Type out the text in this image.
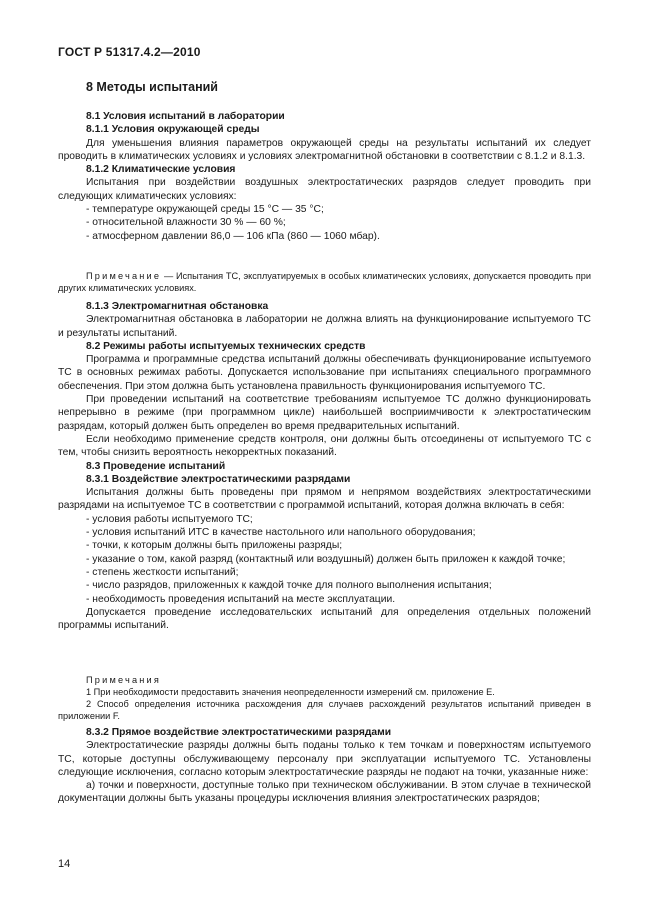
ГОСТ Р 51317.4.2—2010
8 Методы испытаний

8.1 Условия испытаний в лаборатории

8.1.1 Условия окружающей среды

Для уменьшения влияния параметров окружающей среды на результаты испытаний их следует проводить в климатических условиях и условиях электромагнитной обстановки в соответствии с 8.1.2 и 8.1.3.

8.1.2 Климатические условия

Испытания при воздействии воздушных электростатических разрядов следует проводить при следующих климатических условиях:

- температуре окружающей среды 15 °С — 35 °С;

- относительной влажности 30 % — 60 %;

- атмосферном давлении 86,0 — 106 кПа (860 — 1060 мбар).

Примечание — Испытания ТС, эксплуатируемых в особых климатических условиях, допускается проводить при других климатических условиях.

8.1.3 Электромагнитная обстановка

Электромагнитная обстановка в лаборатории не должна влиять на функционирование испытуемого ТС и результаты испытаний.

8.2 Режимы работы испытуемых технических средств

Программа и программные средства испытаний должны обеспечивать функционирование испытуемого ТС в основных режимах работы. Допускается использование при испытаниях специального программного обеспечения. При этом должна быть установлена правильность функционирования испытуемого ТС.

При проведении испытаний на соответствие требованиям испытуемое ТС должно функционировать непрерывно в режиме (при программном цикле) наибольшей восприимчивости к электростатическим разрядам, который должен быть определен во время предварительных испытаний.

Если необходимо применение средств контроля, они должны быть отсоединены от испытуемого ТС с тем, чтобы снизить вероятность некорректных показаний.

8.3 Проведение испытаний

8.3.1 Воздействие электростатическими разрядами

Испытания должны быть проведены при прямом и непрямом воздействиях электростатическими разрядами на испытуемое ТС в соответствии с программой испытаний, которая должна включать в себя:

- условия работы испытуемого ТС;

- условия испытаний ИТС в качестве настольного или напольного оборудования;

- точки, к которым должны быть приложены разряды;

- указание о том, какой разряд (контактный или воздушный) должен быть приложен к каждой точке;

- степень жесткости испытаний;

- число разрядов, приложенных к каждой точке для полного выполнения испытания;

- необходимость проведения испытаний на месте эксплуатации.

Допускается проведение исследовательских испытаний для определения отдельных положений программы испытаний.

Примечания

1 При необходимости предоставить значения неопределенности измерений см. приложение Е.

2 Способ определения источника расхождения для случаев расхождений результатов испытаний приведен в приложении F.

8.3.2 Прямое воздействие электростатическими разрядами

Электростатические разряды должны быть поданы только к тем точкам и поверхностям испытуемого ТС, которые доступны обслуживающему персоналу при эксплуатации испытуемого ТС. Установлены следующие исключения, согласно которым электростатические разряды не подают на точки, указанные ниже:

а) точки и поверхности, доступные только при техническом обслуживании. В этом случае в технической документации должны быть указаны процедуры исключения влияния электростатических разрядов;

14
